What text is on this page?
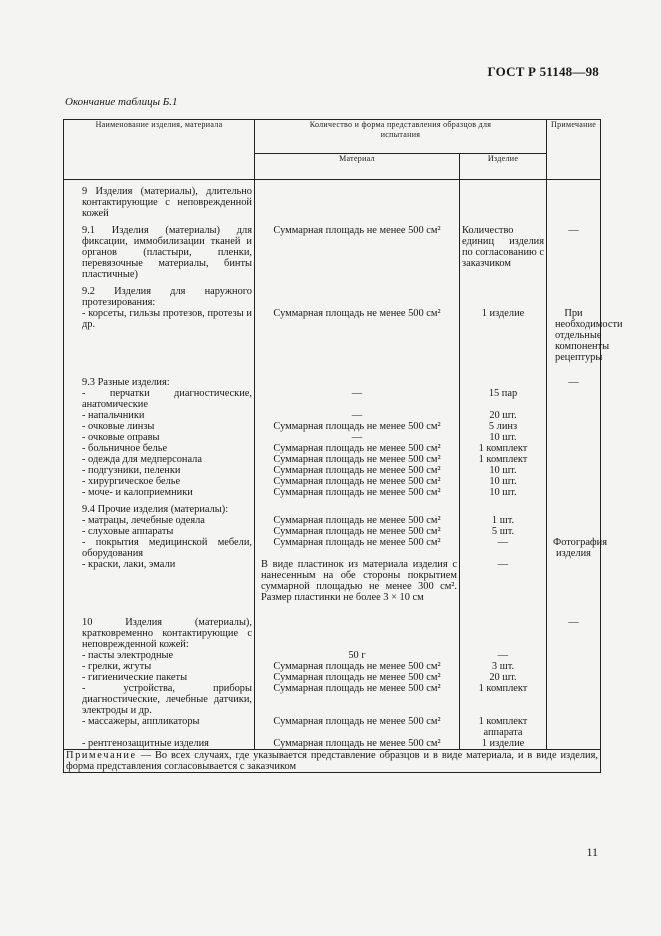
ГОСТ Р 51148—98
Окончание таблицы Б.1
Наименование изделия, материала	Количество и форма представления образцов для испытания		Примечание
	Материал	Изделие	

9 Изделия (материалы), длительно контактирующие с неповрежденной кожей			

9.1 Изделия (материалы) для фиксации, иммобилизации тканей и органов (пластыри, пленки, перевязочные материалы, бинты пластичные)	Суммарная площадь не менее 500 см²	Количество единиц изделия по согласованию с заказчиком	—

9.2 Изделия для наружного протезирования:			
- корсеты, гильзы протезов, протезы и др.	Суммарная площадь не менее 500 см²	1 изделие	При необходимости отдельные компоненты рецептуры

9.3 Разные изделия:			—
- перчатки диагностические, анатомические	—	15 пар	
- напальчники	—	20 шт.	
- очковые линзы	Суммарная площадь не менее 500 см²	5 линз	
- очковые оправы	—	10 шт.	
- больничное белье	Суммарная площадь не менее 500 см²	1 комплект	
- одежда для медперсонала	Суммарная площадь не менее 500 см²	1 комплект	
- подгузники, пеленки	Суммарная площадь не менее 500 см²	10 шт.	
- хирургическое белье	Суммарная площадь не менее 500 см²	10 шт.	
- моче- и калоприемники	Суммарная площадь не менее 500 см²	10 шт.	

9.4 Прочие изделия (материалы):			
- матрацы, лечебные одеяла	Суммарная площадь не менее 500 см²	1 шт.	
- слуховые аппараты	Суммарная площадь не менее 500 см²	5 шт.	
- покрытия медицинской мебели, оборудования	Суммарная площадь не менее 500 см²	—	Фотография изделия
- краски, лаки, эмали	В виде пластинок из материала изделия с нанесенным на обе стороны покрытием суммарной площадью не менее 300 см². Размер пластинки не более 3 × 10 см	—	

10 Изделия (материалы), кратковременно контактирующие с неповрежденной кожей:			—
- пасты электродные	50 г	—	
- грелки, жгуты	Суммарная площадь не менее 500 см²	3 шт.	
- гигиенические пакеты	Суммарная площадь не менее 500 см²	20 шт.	
- устройства, приборы диагностические, лечебные датчики, электроды и др.	Суммарная площадь не менее 500 см²	1 комплект	
- массажеры, аппликаторы	Суммарная площадь не менее 500 см²	1 комплект аппарата	
- рентгенозащитные изделия	Суммарная площадь не менее 500 см²	1 изделие	
Примечание — Во всех случаях, где указывается представление образцов и в виде материала, и в виде изделия, форма представления согласовывается с заказчиком			
11
